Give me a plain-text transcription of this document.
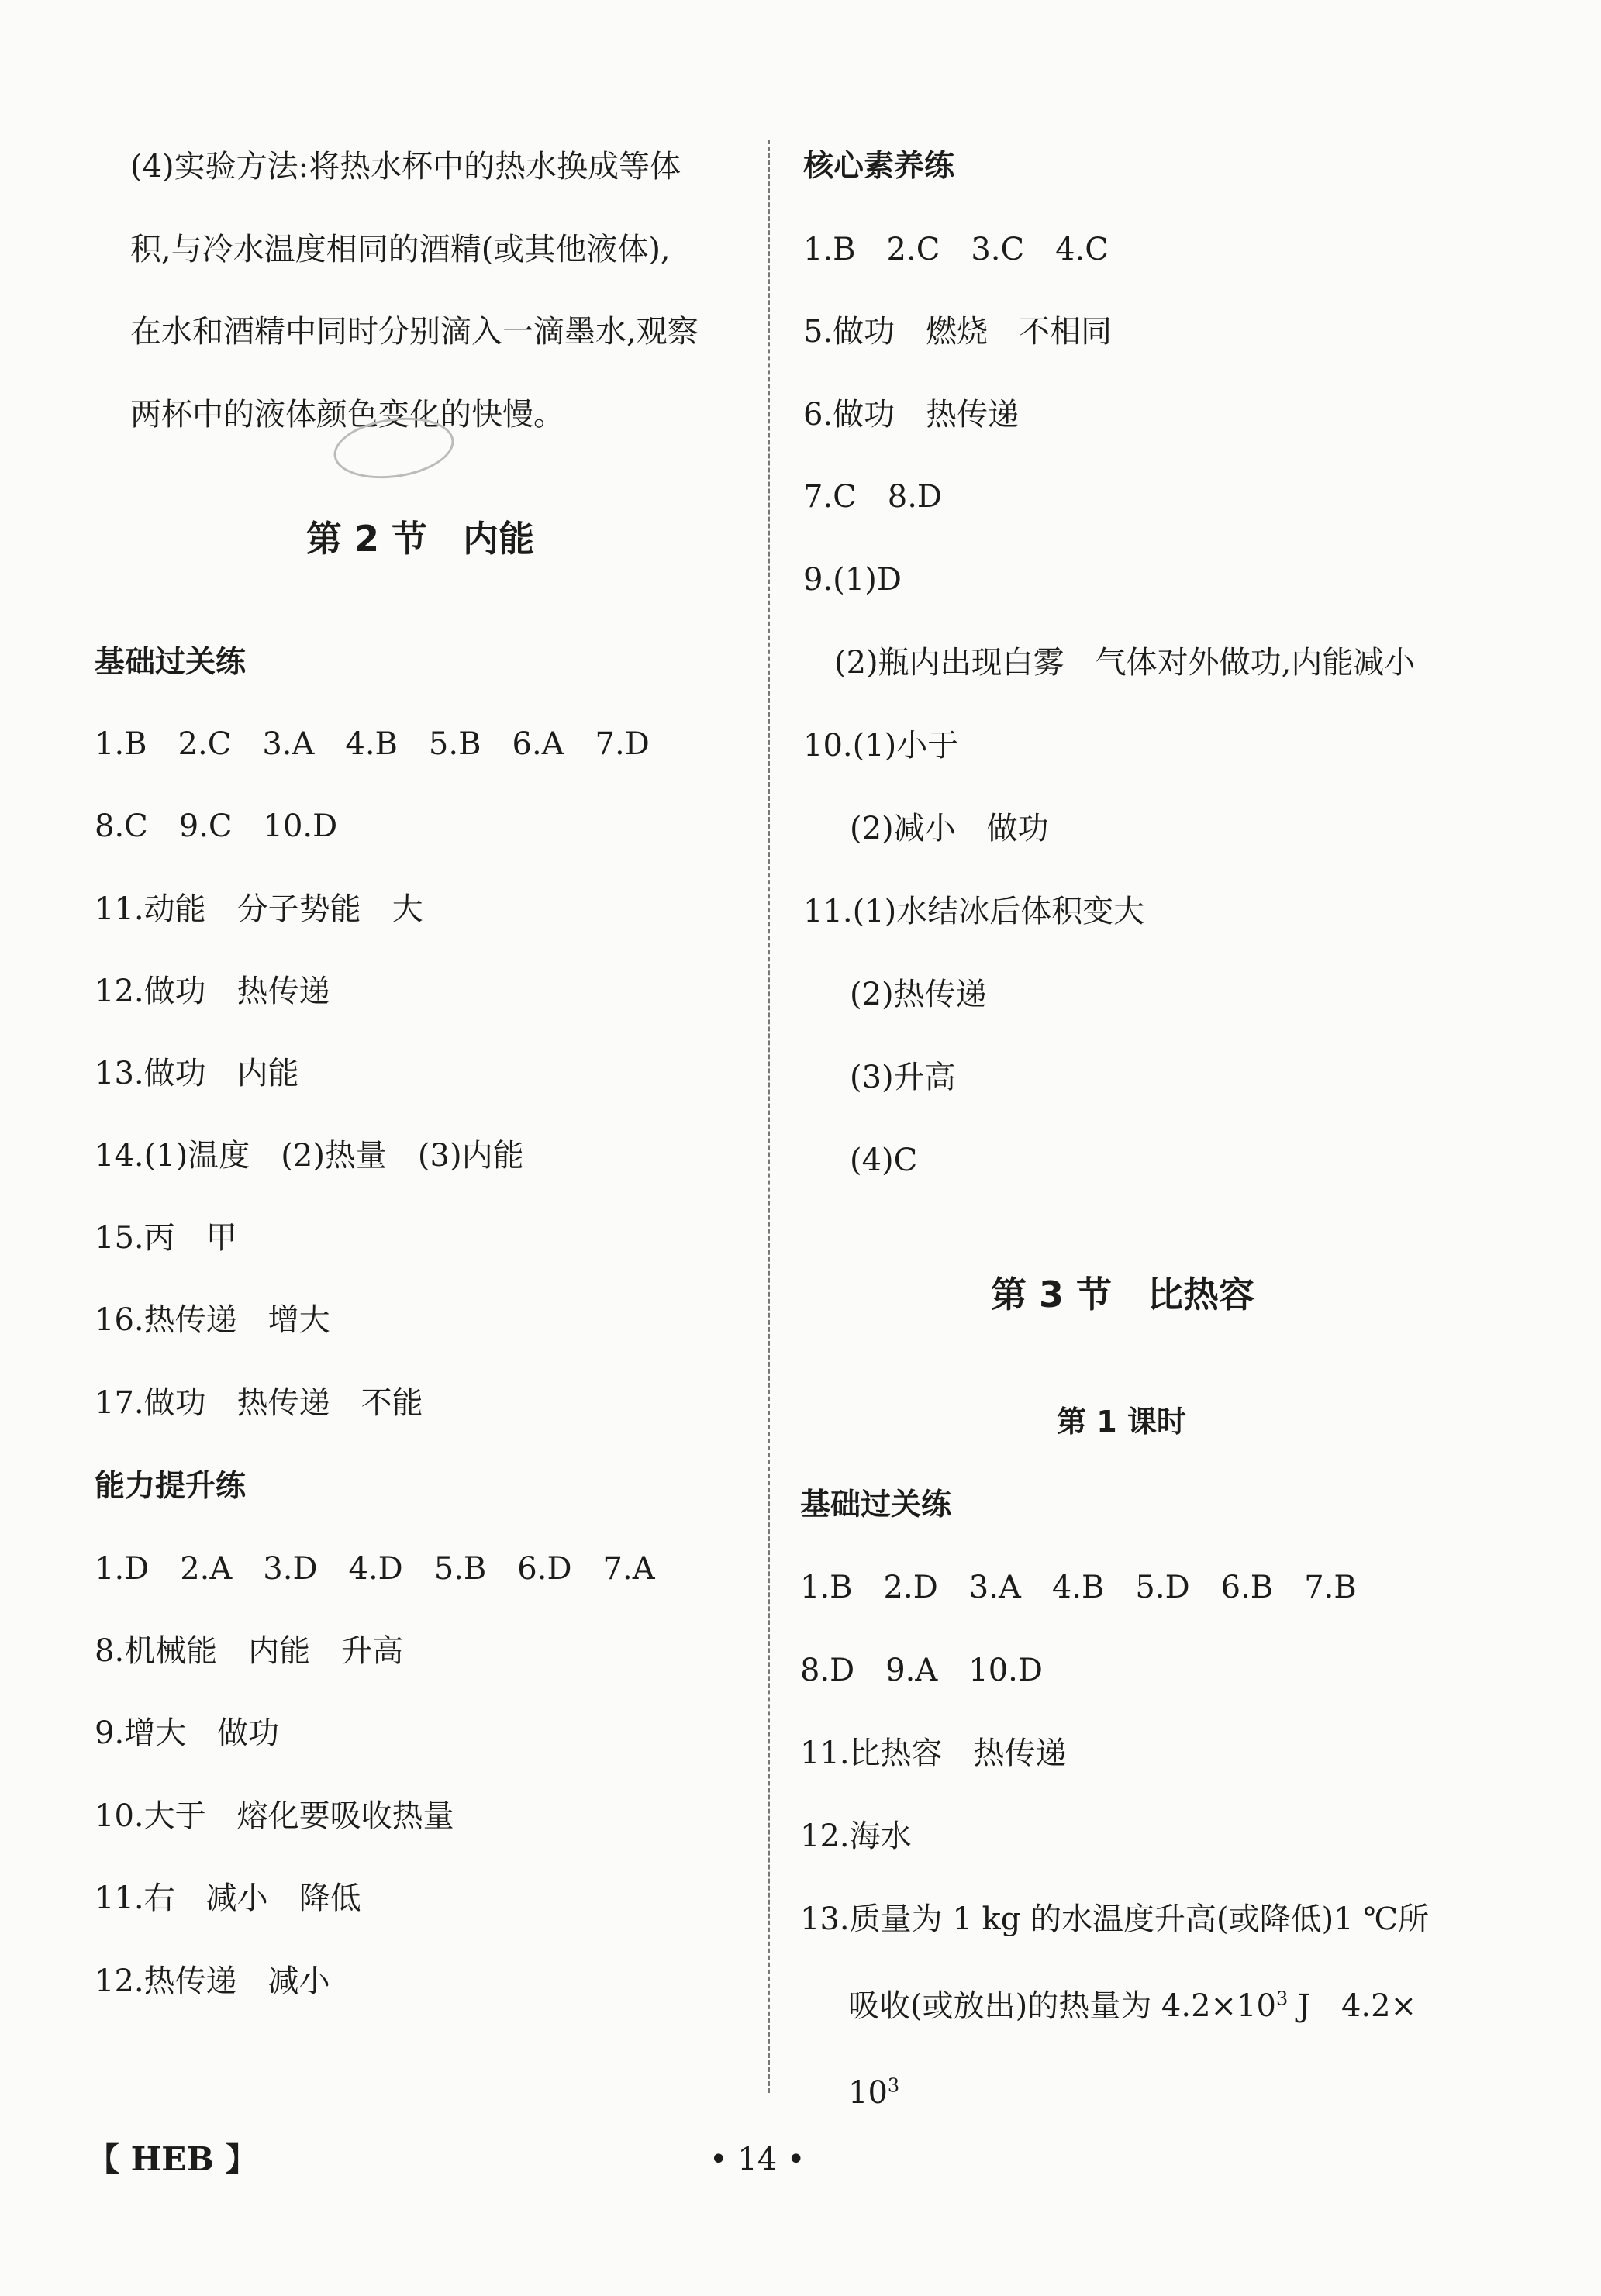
(4)实验方法:将热水杯中的热水换成等体
积,与冷水温度相同的酒精(或其他液体),
在水和酒精中同时分别滴入一滴墨水,观察
两杯中的液体颜色变化的快慢。
第 2 节　内能
基础过关练
1.B　2.C　3.A　4.B　5.B　6.A　7.D
8.C　9.C　10.D
11.动能　分子势能　大
12.做功　热传递
13.做功　内能
14.(1)温度　(2)热量　(3)内能
15.丙　甲
16.热传递　增大
17.做功　热传递　不能
能力提升练
1.D　2.A　3.D　4.D　5.B　6.D　7.A
8.机械能　内能　升高
9.增大　做功
10.大于　熔化要吸收热量
11.右　减小　降低
12.热传递　减小
核心素养练
1.B　2.C　3.C　4.C
5.做功　燃烧　不相同
6.做功　热传递
7.C　8.D
9.(1)D
(2)瓶内出现白雾　气体对外做功,内能减小
10.(1)小于
(2)减小　做功
11.(1)水结冰后体积变大
(2)热传递
(3)升高
(4)C
第 3 节　比热容
第 1 课时
基础过关练
1.B　2.D　3.A　4.B　5.D　6.B　7.B
8.D　9.A　10.D
11.比热容　热传递
12.海水
13.质量为 1 kg 的水温度升高(或降低)1 ℃所
吸收(或放出)的热量为 $4.2\times 10^3$ J　4.2×
$10^3$
【 HEB 】	• 14 •
